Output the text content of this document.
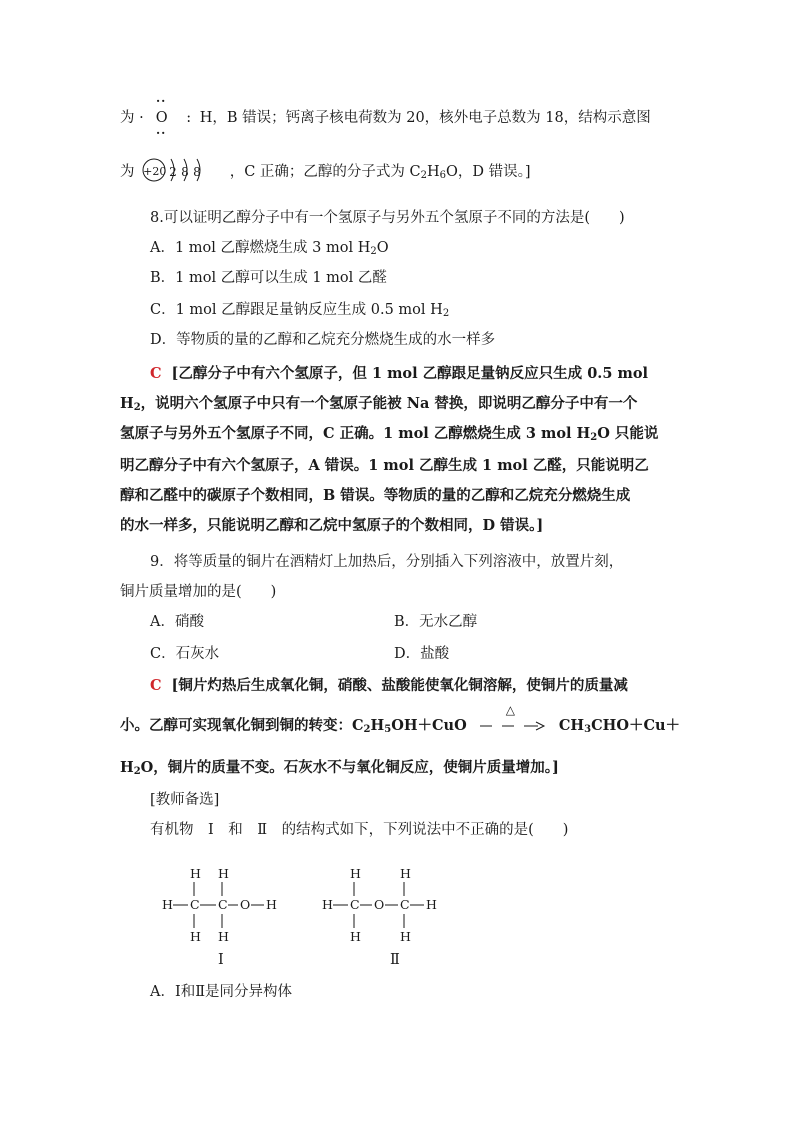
为 · O : H，B 错误；钙离子核电荷数为 20，核外电子总数为 18，结构示意图
··
··
为 +20 2 8 8 ，C 正确；乙醇的分子式为 $C_2H_6O$，D 错误。]
8.可以证明乙醇分子中有一个氢原子与另外五个氢原子不同的方法是(　　)
A．1 mol 乙醇燃烧生成 3 mol $H_2O$
B．1 mol 乙醇可以生成 1 mol 乙醛
C．1 mol 乙醇跟足量钠反应生成 0.5 mol $H_2$
D．等物质的量的乙醇和乙烷充分燃烧生成的水一样多
C [乙醇分子中有六个氢原子，但 1 mol 乙醇跟足量钠反应只生成 0.5 mol
$H_2$，说明六个氢原子中只有一个氢原子能被 Na 替换，即说明乙醇分子中有一个
氢原子与另外五个氢原子不同，C 正确。1 mol 乙醇燃烧生成 3 mol $H_2O$ 只能说
明乙醇分子中有六个氢原子，A 错误。1 mol 乙醇生成 1 mol 乙醛，只能说明乙
醇和乙醛中的碳原子个数相同，B 错误。等物质的量的乙醇和乙烷充分燃烧生成
的水一样多，只能说明乙醇和乙烷中氢原子的个数相同，D 错误。]
9．将等质量的铜片在酒精灯上加热后，分别插入下列溶液中，放置片刻，
铜片质量增加的是(　　)
A．硝酸	B．无水乙醇
C．石灰水	D．盐酸
C [铜片灼热后生成氧化铜，硝酸、盐酸能使氧化铜溶解，使铜片的质量减
小。乙醇可实现氧化铜到铜的转变：$C_2H_5OH+CuO$
△
$CH_3CHO+Cu+$
$H_2O$，铜片的质量不变。石灰水不与氧化铜反应，使铜片质量增加。]
[教师备选]
有机物　Ⅰ　和　Ⅱ　的结构式如下，下列说法中不正确的是(　　)
H H
H C C O H
H H
Ⅰ
H	H
H C O C H
H	H
Ⅱ
A．Ⅰ和Ⅱ是同分异构体
